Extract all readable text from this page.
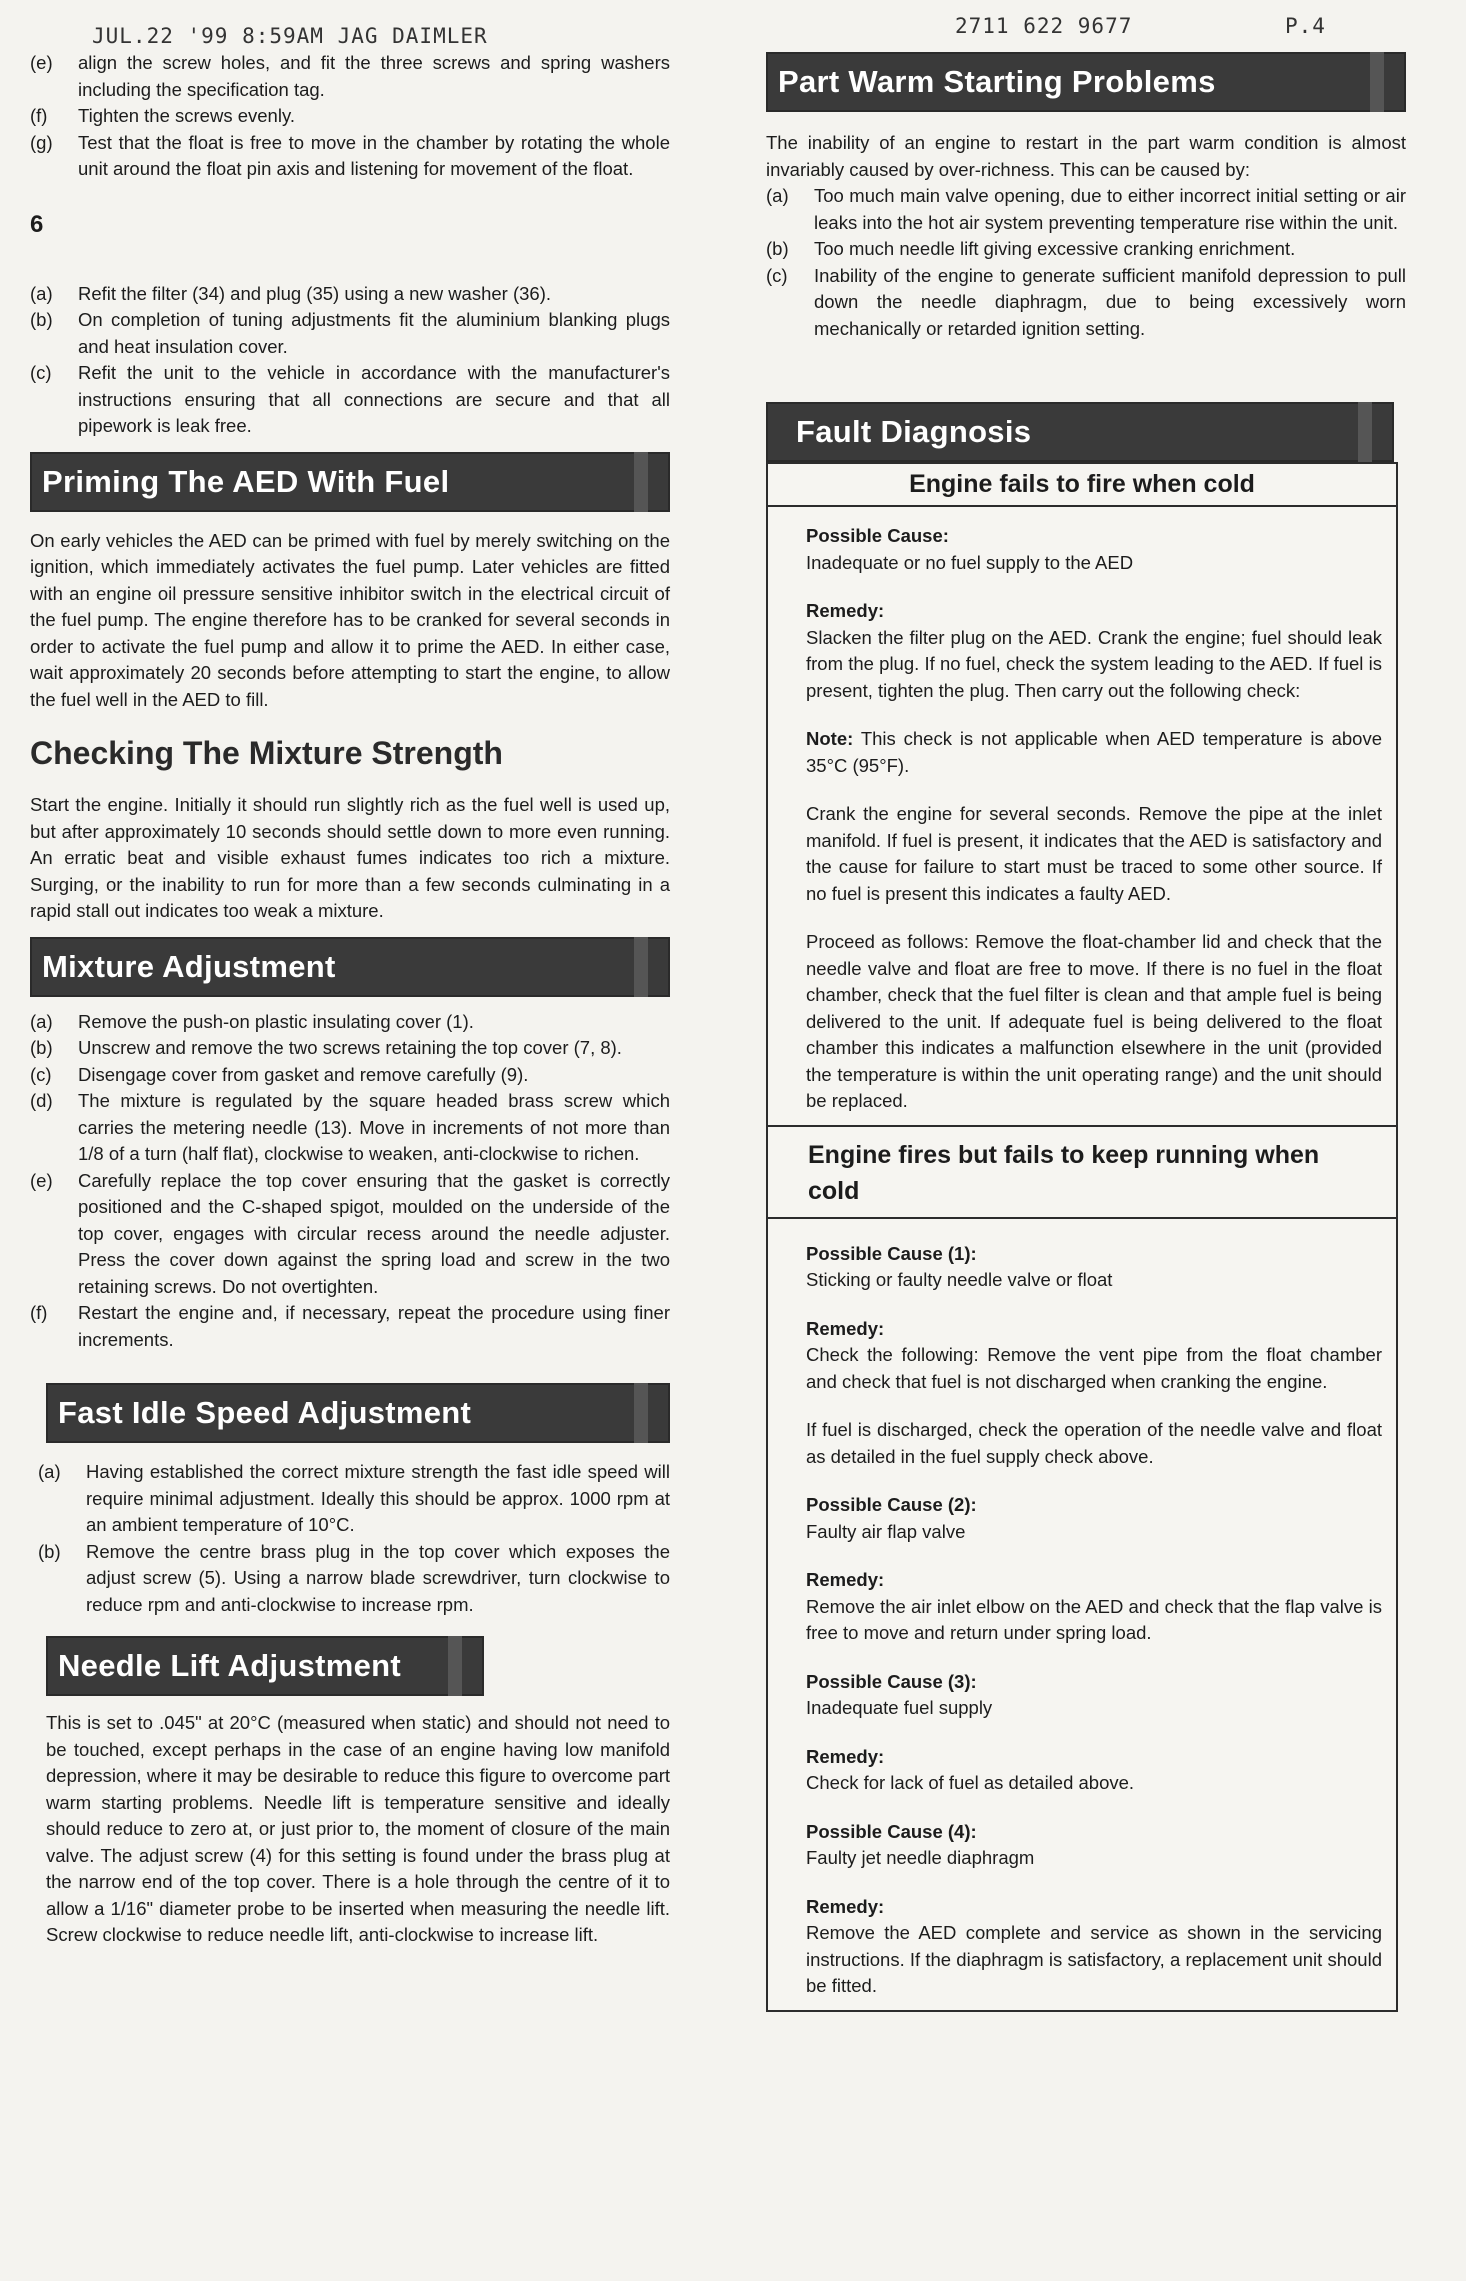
JUL.22 '99 8:59AM JAG DAIMLER	2711 622 9677	P.4
(e) align the screw holes, and fit the three screws and spring washers including the specification tag.
(f) Tighten the screws evenly.
(g) Test that the float is free to move in the chamber by rotating the whole unit around the float pin axis and listening for movement of the float.
6
(a) Refit the filter (34) and plug (35) using a new washer (36).
(b) On completion of tuning adjustments fit the aluminium blanking plugs and heat insulation cover.
(c) Refit the unit to the vehicle in accordance with the manufacturer's instructions ensuring that all connections are secure and that all pipework is leak free.
Priming The AED With Fuel

On early vehicles the AED can be primed with fuel by merely switching on the ignition, which immediately activates the fuel pump. Later vehicles are fitted with an engine oil pressure sensitive inhibitor switch in the electrical circuit of the fuel pump. The engine therefore has to be cranked for several seconds in order to activate the fuel pump and allow it to prime the AED. In either case, wait approximately 20 seconds before attempting to start the engine, to allow the fuel well in the AED to fill.

Checking The Mixture Strength

Start the engine. Initially it should run slightly rich as the fuel well is used up, but after approximately 10 seconds should settle down to more even running. An erratic beat and visible exhaust fumes indicates too rich a mixture. Surging, or the inability to run for more than a few seconds culminating in a rapid stall out indicates too weak a mixture.

Mixture Adjustment
(a) Remove the push-on plastic insulating cover (1).
(b) Unscrew and remove the two screws retaining the top cover (7, 8).
(c) Disengage cover from gasket and remove carefully (9).
(d) The mixture is regulated by the square headed brass screw which carries the metering needle (13). Move in increments of not more than 1/8 of a turn (half flat), clockwise to weaken, anti-clockwise to richen.
(e) Carefully replace the top cover ensuring that the gasket is correctly positioned and the C-shaped spigot, moulded on the underside of the top cover, engages with circular recess around the needle adjuster. Press the cover down against the spring load and screw in the two retaining screws. Do not overtighten.
(f) Restart the engine and, if necessary, repeat the procedure using finer increments.
Fast Idle Speed Adjustment
(a) Having established the correct mixture strength the fast idle speed will require minimal adjustment. Ideally this should be approx. 1000 rpm at an ambient temperature of 10°C.
(b) Remove the centre brass plug in the top cover which exposes the adjust screw (5). Using a narrow blade screwdriver, turn clockwise to reduce rpm and anti-clockwise to increase rpm.
Needle Lift Adjustment

This is set to .045" at 20°C (measured when static) and should not need to be touched, except perhaps in the case of an engine having low manifold depression, where it may be desirable to reduce this figure to overcome part warm starting problems. Needle lift is temperature sensitive and ideally should reduce to zero at, or just prior to, the moment of closure of the main valve. The adjust screw (4) for this setting is found under the brass plug at the narrow end of the top cover. There is a hole through the centre of it to allow a 1/16" diameter probe to be inserted when measuring the needle lift. Screw clockwise to reduce needle lift, anti-clockwise to increase lift.

Part Warm Starting Problems

The inability of an engine to restart in the part warm condition is almost invariably caused by over-richness. This can be caused by:

(a) Too much main valve opening, due to either incorrect initial setting or air leaks into the hot air system preventing temperature rise within the unit.
(b) Too much needle lift giving excessive cranking enrichment.
(c) Inability of the engine to generate sufficient manifold depression to pull down the needle diaphragm, due to being excessively worn mechanically or retarded ignition setting.
Fault Diagnosis
Engine fails to fire when cold

Possible Cause:
Inadequate or no fuel supply to the AED

Remedy:
Slacken the filter plug on the AED. Crank the engine; fuel should leak from the plug. If no fuel, check the system leading to the AED. If fuel is present, tighten the plug. Then carry out the following check:

Note: This check is not applicable when AED temperature is above 35°C (95°F).

Crank the engine for several seconds. Remove the pipe at the inlet manifold. If fuel is present, it indicates that the AED is satisfactory and the cause for failure to start must be traced to some other source. If no fuel is present this indicates a faulty AED.

Proceed as follows: Remove the float-chamber lid and check that the needle valve and float are free to move. If there is no fuel in the float chamber, check that the fuel filter is clean and that ample fuel is being delivered to the unit. If adequate fuel is being delivered to the float chamber this indicates a malfunction elsewhere in the unit (provided the temperature is within the unit operating range) and the unit should be replaced.

Engine fires but fails to keep running when cold

Possible Cause (1):
Sticking or faulty needle valve or float

Remedy:
Check the following: Remove the vent pipe from the float chamber and check that fuel is not discharged when cranking the engine.

If fuel is discharged, check the operation of the needle valve and float as detailed in the fuel supply check above.

Possible Cause (2):
Faulty air flap valve

Remedy:
Remove the air inlet elbow on the AED and check that the flap valve is free to move and return under spring load.

Possible Cause (3):
Inadequate fuel supply

Remedy:
Check for lack of fuel as detailed above.

Possible Cause (4):
Faulty jet needle diaphragm

Remedy:
Remove the AED complete and service as shown in the servicing instructions. If the diaphragm is satisfactory, a replacement unit should be fitted.
